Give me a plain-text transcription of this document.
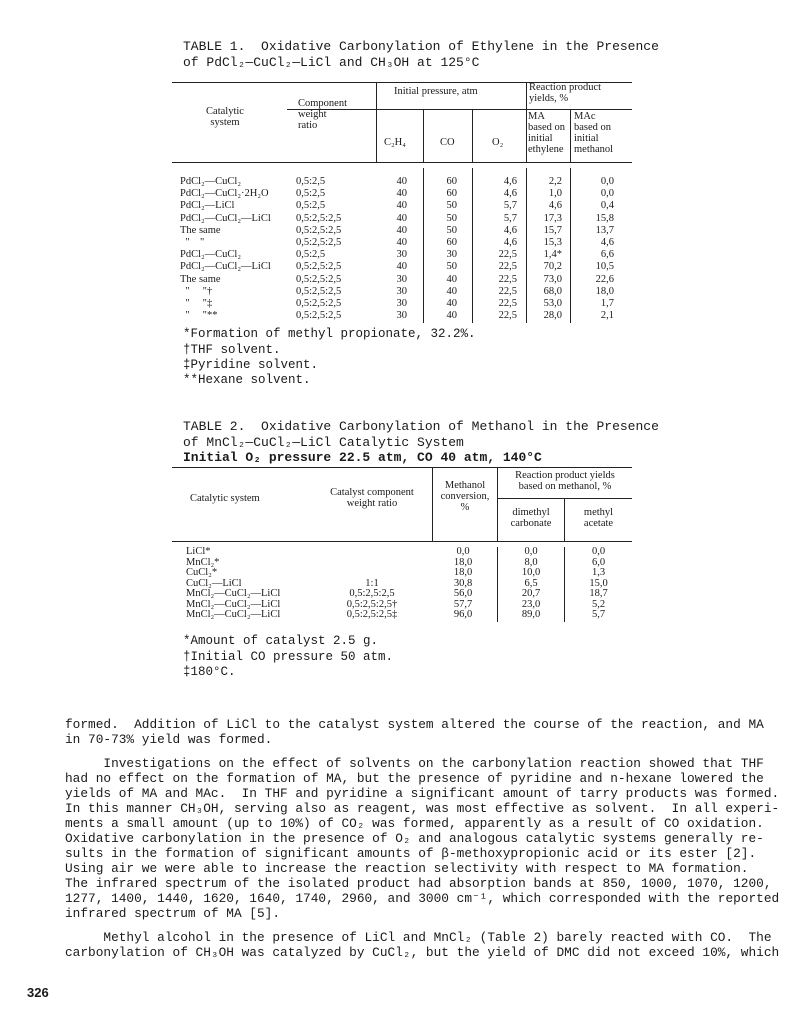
TABLE 1.  Oxidative Carbonylation of Ethylene in the Presence
of PdCl₂—CuCl₂—LiCl and CH₃OH at 125°C
Catalytic
system
Component
weight
ratio
Initial pressure, atm
C₂H₄	CO	O₂
Reaction product
yields, %
MA
based on
initial
ethylene
MAc
based on
initial
methanol
PdCl₂—CuCl₂
PdCl₂—CuCl₂·2H₂O
PdCl₂—LiCl
PdCl₂—CuCl₂—LiCl
The same
"    "
PdCl₂—CuCl₂
PdCl₂—CuCl₂—LiCl
The same
"     "†
"     "‡
"     "**
0,5:2,5
0,5:2,5
0,5:2,5
0,5:2,5:2,5
0,5:2,5:2,5
0,5:2,5:2,5
0,5:2,5
0,5:2,5:2,5
0,5:2,5:2,5
0,5:2,5:2,5
0,5:2,5:2,5
0,5:2,5:2,5
40
40
40
40
40
40
30
40
30
30
30
30
60
60
50
50
50
60
30
50
40
40
40
40
4,6
4,6
5,7
5,7
4,6
4,6
22,5
22,5
22,5
22,5
22,5
22,5
2,2
1,0
4,6
17,3
15,7
15,3
1,4*
70,2
73,0
68,0
53,0
28,0
0,0
0,0
0,4
15,8
13,7
4,6
6,6
10,5
22,6
18,0
1,7
2,1
*Formation of methyl propionate, 32.2%.
†THF solvent.
‡Pyridine solvent.
**Hexane solvent.
TABLE 2.  Oxidative Carbonylation of Methanol in the Presence
of MnCl₂—CuCl₂—LiCl Catalytic System
Initial O₂ pressure 22.5 atm, CO 40 atm, 140°C
Catalytic system
Catalyst component
weight ratio
Methanol
conversion,
%
Reaction product yields
based on methanol, %
dimethyl
carbonate
methyl
acetate
LiCl*
MnCl₂*
CuCl₂*
CuCl₂—LiCl
MnCl₂—CuCl₂—LiCl
MnCl₂—CuCl₂—LiCl
MnCl₂—CuCl₂—LiCl
1:1
0,5:2,5:2,5
0,5:2,5:2,5†
0,5:2,5:2,5‡
0,0
18,0
18,0
30,8
56,0
57,7
96,0
0,0
8,0
10,0
6,5
20,7
23,0
89,0
0,0
6,0
1,3
15,0
18,7
5,2
5,7
*Amount of catalyst 2.5 g.
†Initial CO pressure 50 atm.
‡180°C.
formed.  Addition of LiCl to the catalyst system altered the course of the reaction, and MA
in 70-73% yield was formed.
Investigations on the effect of solvents on the carbonylation reaction showed that THF
had no effect on the formation of MA, but the presence of pyridine and n-hexane lowered the
yields of MA and MAc.  In THF and pyridine a significant amount of tarry products was formed.
In this manner CH₃OH, serving also as reagent, was most effective as solvent.  In all experi-
ments a small amount (up to 10%) of CO₂ was formed, apparently as a result of CO oxidation.
Oxidative carbonylation in the presence of O₂ and analogous catalytic systems generally re-
sults in the formation of significant amounts of β-methoxypropionic acid or its ester [2].
Using air we were able to increase the reaction selectivity with respect to MA formation.
The infrared spectrum of the isolated product had absorption bands at 850, 1000, 1070, 1200,
1277, 1400, 1440, 1620, 1640, 1740, 2960, and 3000 cm⁻¹, which corresponded with the reported
infrared spectrum of MA [5].
Methyl alcohol in the presence of LiCl and MnCl₂ (Table 2) barely reacted with CO.  The
carbonylation of CH₃OH was catalyzed by CuCl₂, but the yield of DMC did not exceed 10%, which
326
